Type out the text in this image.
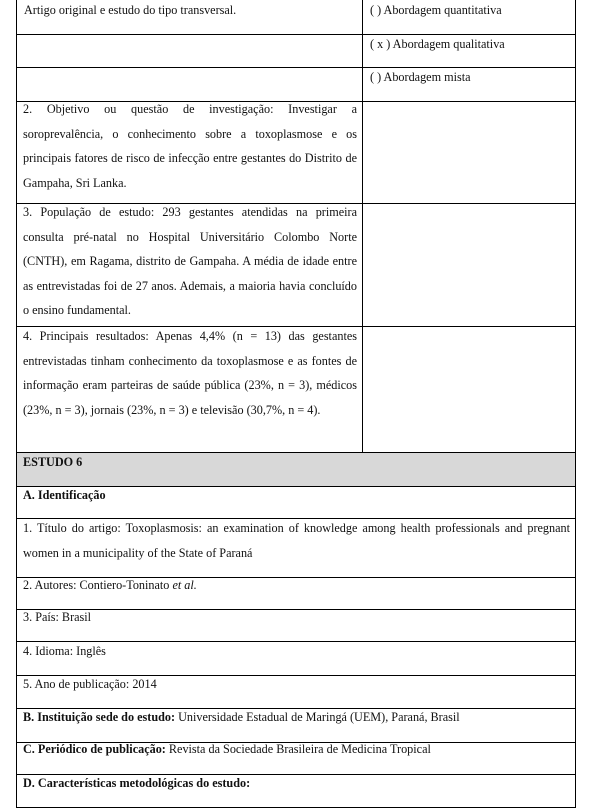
Artigo original e estudo do tipo transversal.	( ) Abordagem quantitativa
( x ) Abordagem qualitativa
( ) Abordagem mista
2. Objetivo ou questão de investigação: Investigar a soroprevalência, o conhecimento sobre a toxoplasmose e os principais fatores de risco de infecção entre gestantes do Distrito de Gampaha, Sri Lanka.
3. População de estudo: 293 gestantes atendidas na primeira consulta pré-natal no Hospital Universitário Colombo Norte (CNTH), em Ragama, distrito de Gampaha. A média de idade entre as entrevistadas foi de 27 anos. Ademais, a maioria havia concluído o ensino fundamental.
4. Principais resultados: Apenas 4,4% (n = 13) das gestantes entrevistadas tinham conhecimento da toxoplasmose e as fontes de informação eram parteiras de saúde pública (23%, n = 3), médicos (23%, n = 3), jornais (23%, n = 3) e televisão (30,7%, n = 4).
ESTUDO 6
A. Identificação
1. Título do artigo: Toxoplasmosis: an examination of knowledge among health professionals and pregnant women in a municipality of the State of Paraná
2. Autores: Contiero-Toninato et al.
3. País: Brasil
4. Idioma: Inglês
5. Ano de publicação: 2014
B. Instituição sede do estudo: Universidade Estadual de Maringá (UEM), Paraná, Brasil
C. Periódico de publicação: Revista da Sociedade Brasileira de Medicina Tropical
D. Características metodológicas do estudo:
